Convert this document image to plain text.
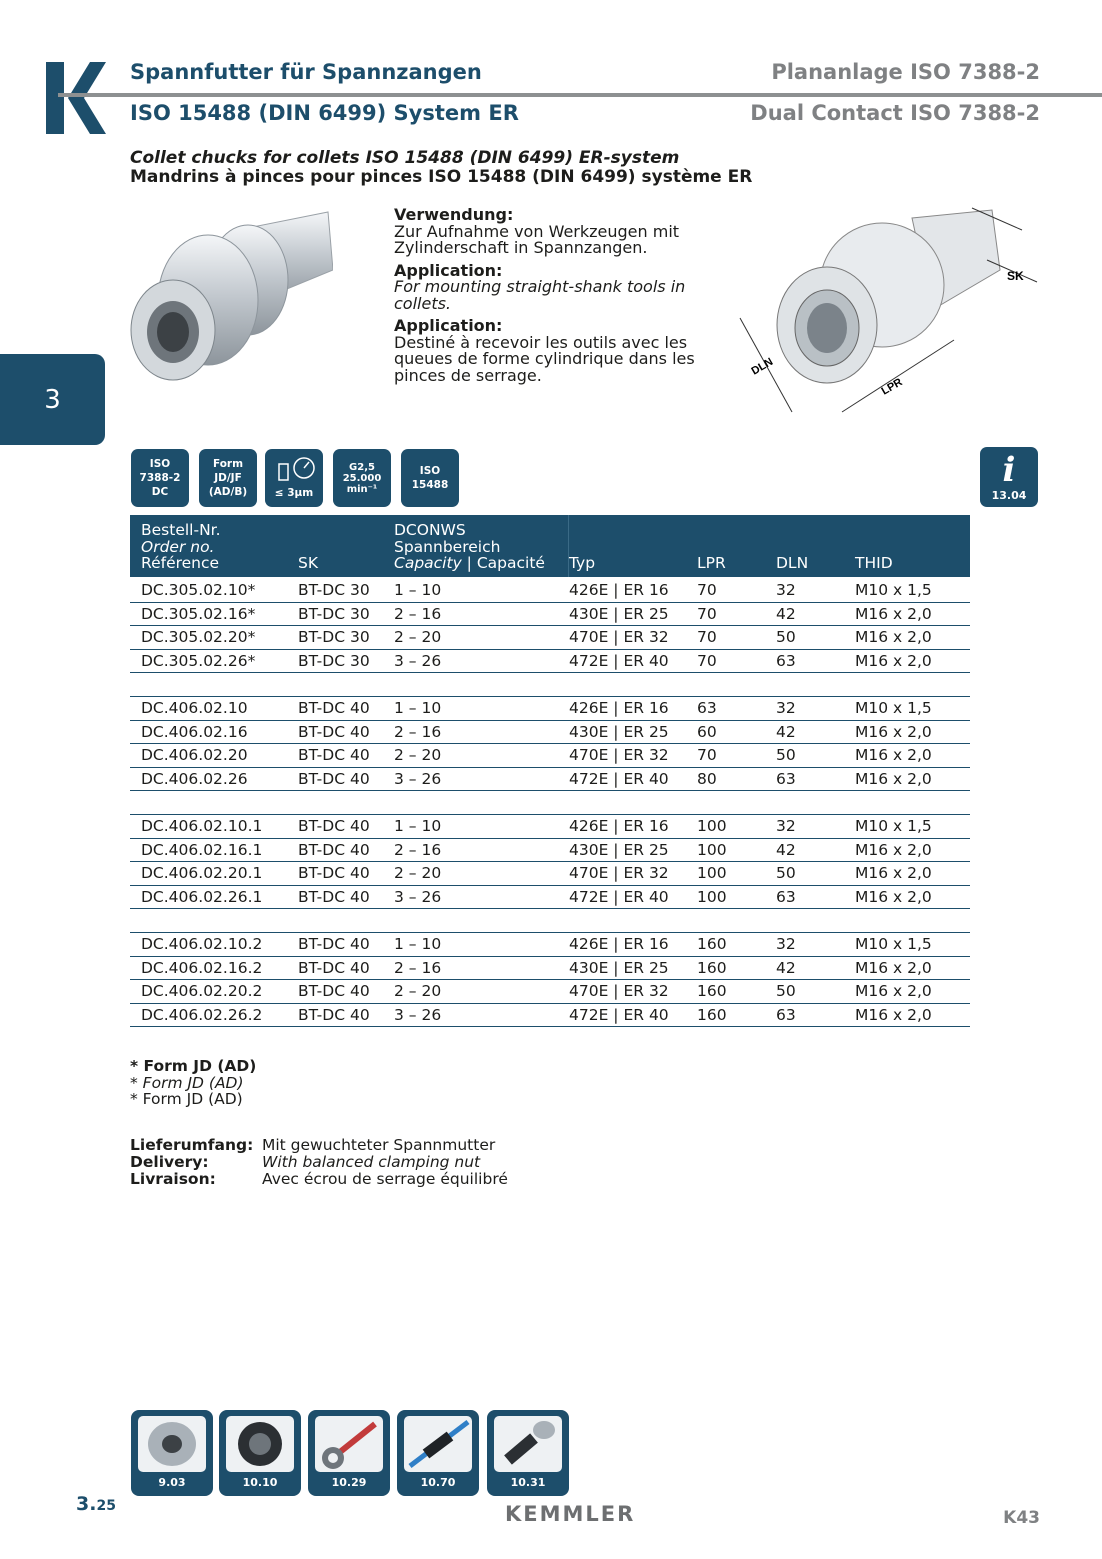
Spannfutter für Spannzangen
ISO 15488 (DIN 6499) System ER
Plananlage ISO 7388-2
Dual Contact ISO 7388-2
Collet chucks for collets ISO 15488 (DIN 6499) ER-system
Mandrins à pinces pour pinces ISO 15488 (DIN 6499) système ER
3
Verwendung:
Zur Aufnahme von Werkzeugen mit Zylinderschaft in Spannzangen.
Application:
For mounting straight-shank tools in collets.
Application:
Destiné à recevoir les outils avec les queues de forme cylindrique dans les pinces de serrage.
SK
DLN
LPR
ISO
7388-2
DC
Form
JD/JF
(AD/B)	≤ 3µm
G2,5
25.000
min⁻¹
ISO
15488	i
13.04
Bestell-Nr.
Order no.
Référence	SK
DCONWS
Spannbereich
Capacity | Capacité Typ	LPR	DLN	THID
DC.305.02.10*	BT-DC 30 1 – 10	426E | ER 16 70	32	M10 x 1,5
DC.305.02.16*	BT-DC 30 2 – 16	430E | ER 25 70	42	M16 x 2,0
DC.305.02.20*	BT-DC 30 2 – 20	470E | ER 32 70	50	M16 x 2,0
DC.305.02.26*	BT-DC 30 3 – 26	472E | ER 40 70	63	M16 x 2,0
DC.406.02.10	BT-DC 40 1 – 10	426E | ER 16 63	32	M10 x 1,5
DC.406.02.16	BT-DC 40 2 – 16	430E | ER 25 60	42	M16 x 2,0
DC.406.02.20	BT-DC 40 2 – 20	470E | ER 32 70	50	M16 x 2,0
DC.406.02.26	BT-DC 40 3 – 26	472E | ER 40 80	63	M16 x 2,0
DC.406.02.10.1 BT-DC 40 1 – 10	426E | ER 16 100	32	M10 x 1,5
DC.406.02.16.1 BT-DC 40 2 – 16	430E | ER 25 100	42	M16 x 2,0
DC.406.02.20.1 BT-DC 40 2 – 20	470E | ER 32 100	50	M16 x 2,0
DC.406.02.26.1 BT-DC 40 3 – 26	472E | ER 40 100	63	M16 x 2,0
DC.406.02.10.2 BT-DC 40 1 – 10	426E | ER 16 160	32	M10 x 1,5
DC.406.02.16.2 BT-DC 40 2 – 16	430E | ER 25 160	42	M16 x 2,0
DC.406.02.20.2 BT-DC 40 2 – 20	470E | ER 32 160	50	M16 x 2,0
DC.406.02.26.2 BT-DC 40 3 – 26	472E | ER 40 160	63	M16 x 2,0
* Form JD (AD)
* Form JD (AD)
* Form JD (AD)
Lieferumfang: Mit gewuchteter Spannmutter
Delivery:	With balanced clamping nut
Livraison:	Avec écrou de serrage équilibré
9.03	10.10	10.29	10.70	10.31
3.25	KEMMLER	K43
